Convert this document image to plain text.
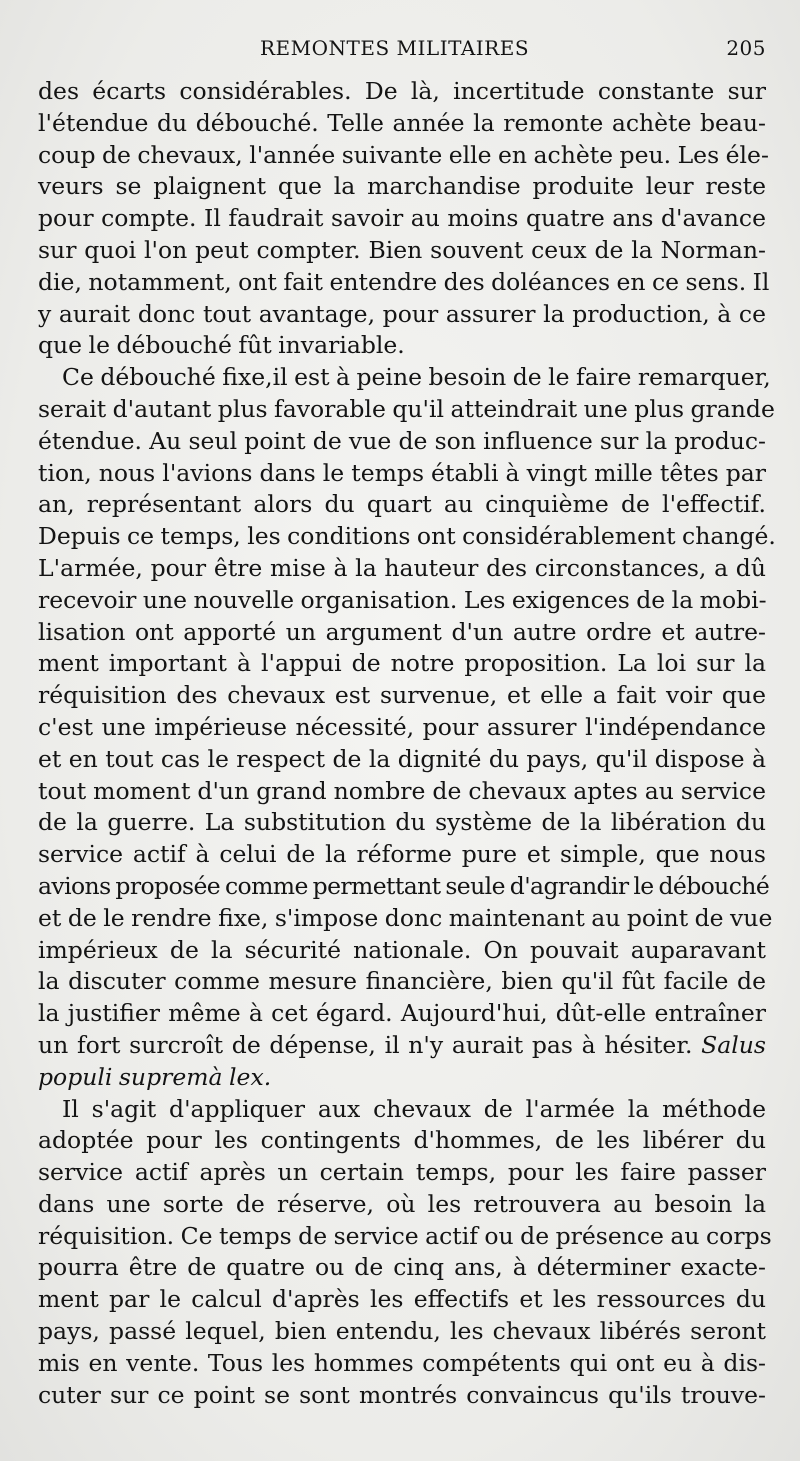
REMONTES MILITAIRES	205
des écarts considérables. De là, incertitude constante sur
l'étendue du débouché. Telle année la remonte achète beau-
coup de chevaux, l'année suivante elle en achète peu. Les éle-
veurs se plaignent que la marchandise produite leur reste
pour compte. Il faudrait savoir au moins quatre ans d'avance
sur quoi l'on peut compter. Bien souvent ceux de la Norman-
die, notamment, ont fait entendre des doléances en ce sens. Il
y aurait donc tout avantage, pour assurer la production, à ce
que le débouché fût invariable.
Ce débouché fixe,il est à peine besoin de le faire remarquer,
serait d'autant plus favorable qu'il atteindrait une plus grande
étendue. Au seul point de vue de son influence sur la produc-
tion, nous l'avions dans le temps établi à vingt mille têtes par
an, représentant alors du quart au cinquième de l'effectif.
Depuis ce temps, les conditions ont considérablement changé.
L'armée, pour être mise à la hauteur des circonstances, a dû
recevoir une nouvelle organisation. Les exigences de la mobi-
lisation ont apporté un argument d'un autre ordre et autre-
ment important à l'appui de notre proposition. La loi sur la
réquisition des chevaux est survenue, et elle a fait voir que
c'est une impérieuse nécessité, pour assurer l'indépendance
et en tout cas le respect de la dignité du pays, qu'il dispose à
tout moment d'un grand nombre de chevaux aptes au service
de la guerre. La substitution du système de la libération du
service actif à celui de la réforme pure et simple, que nous
avions proposée comme permettant seule d'agrandir le débouché
et de le rendre fixe, s'impose donc maintenant au point de vue
impérieux de la sécurité nationale. On pouvait auparavant
la discuter comme mesure financière, bien qu'il fût facile de
la justifier même à cet égard. Aujourd'hui, dût-elle entraîner
un fort surcroît de dépense, il n'y aurait pas à hésiter. Salus
populi supremà lex.
Il s'agit d'appliquer aux chevaux de l'armée la méthode
adoptée pour les contingents d'hommes, de les libérer du
service actif après un certain temps, pour les faire passer
dans une sorte de réserve, où les retrouvera au besoin la
réquisition. Ce temps de service actif ou de présence au corps
pourra être de quatre ou de cinq ans, à déterminer exacte-
ment par le calcul d'après les effectifs et les ressources du
pays, passé lequel, bien entendu, les chevaux libérés seront
mis en vente. Tous les hommes compétents qui ont eu à dis-
cuter sur ce point se sont montrés convaincus qu'ils trouve-
